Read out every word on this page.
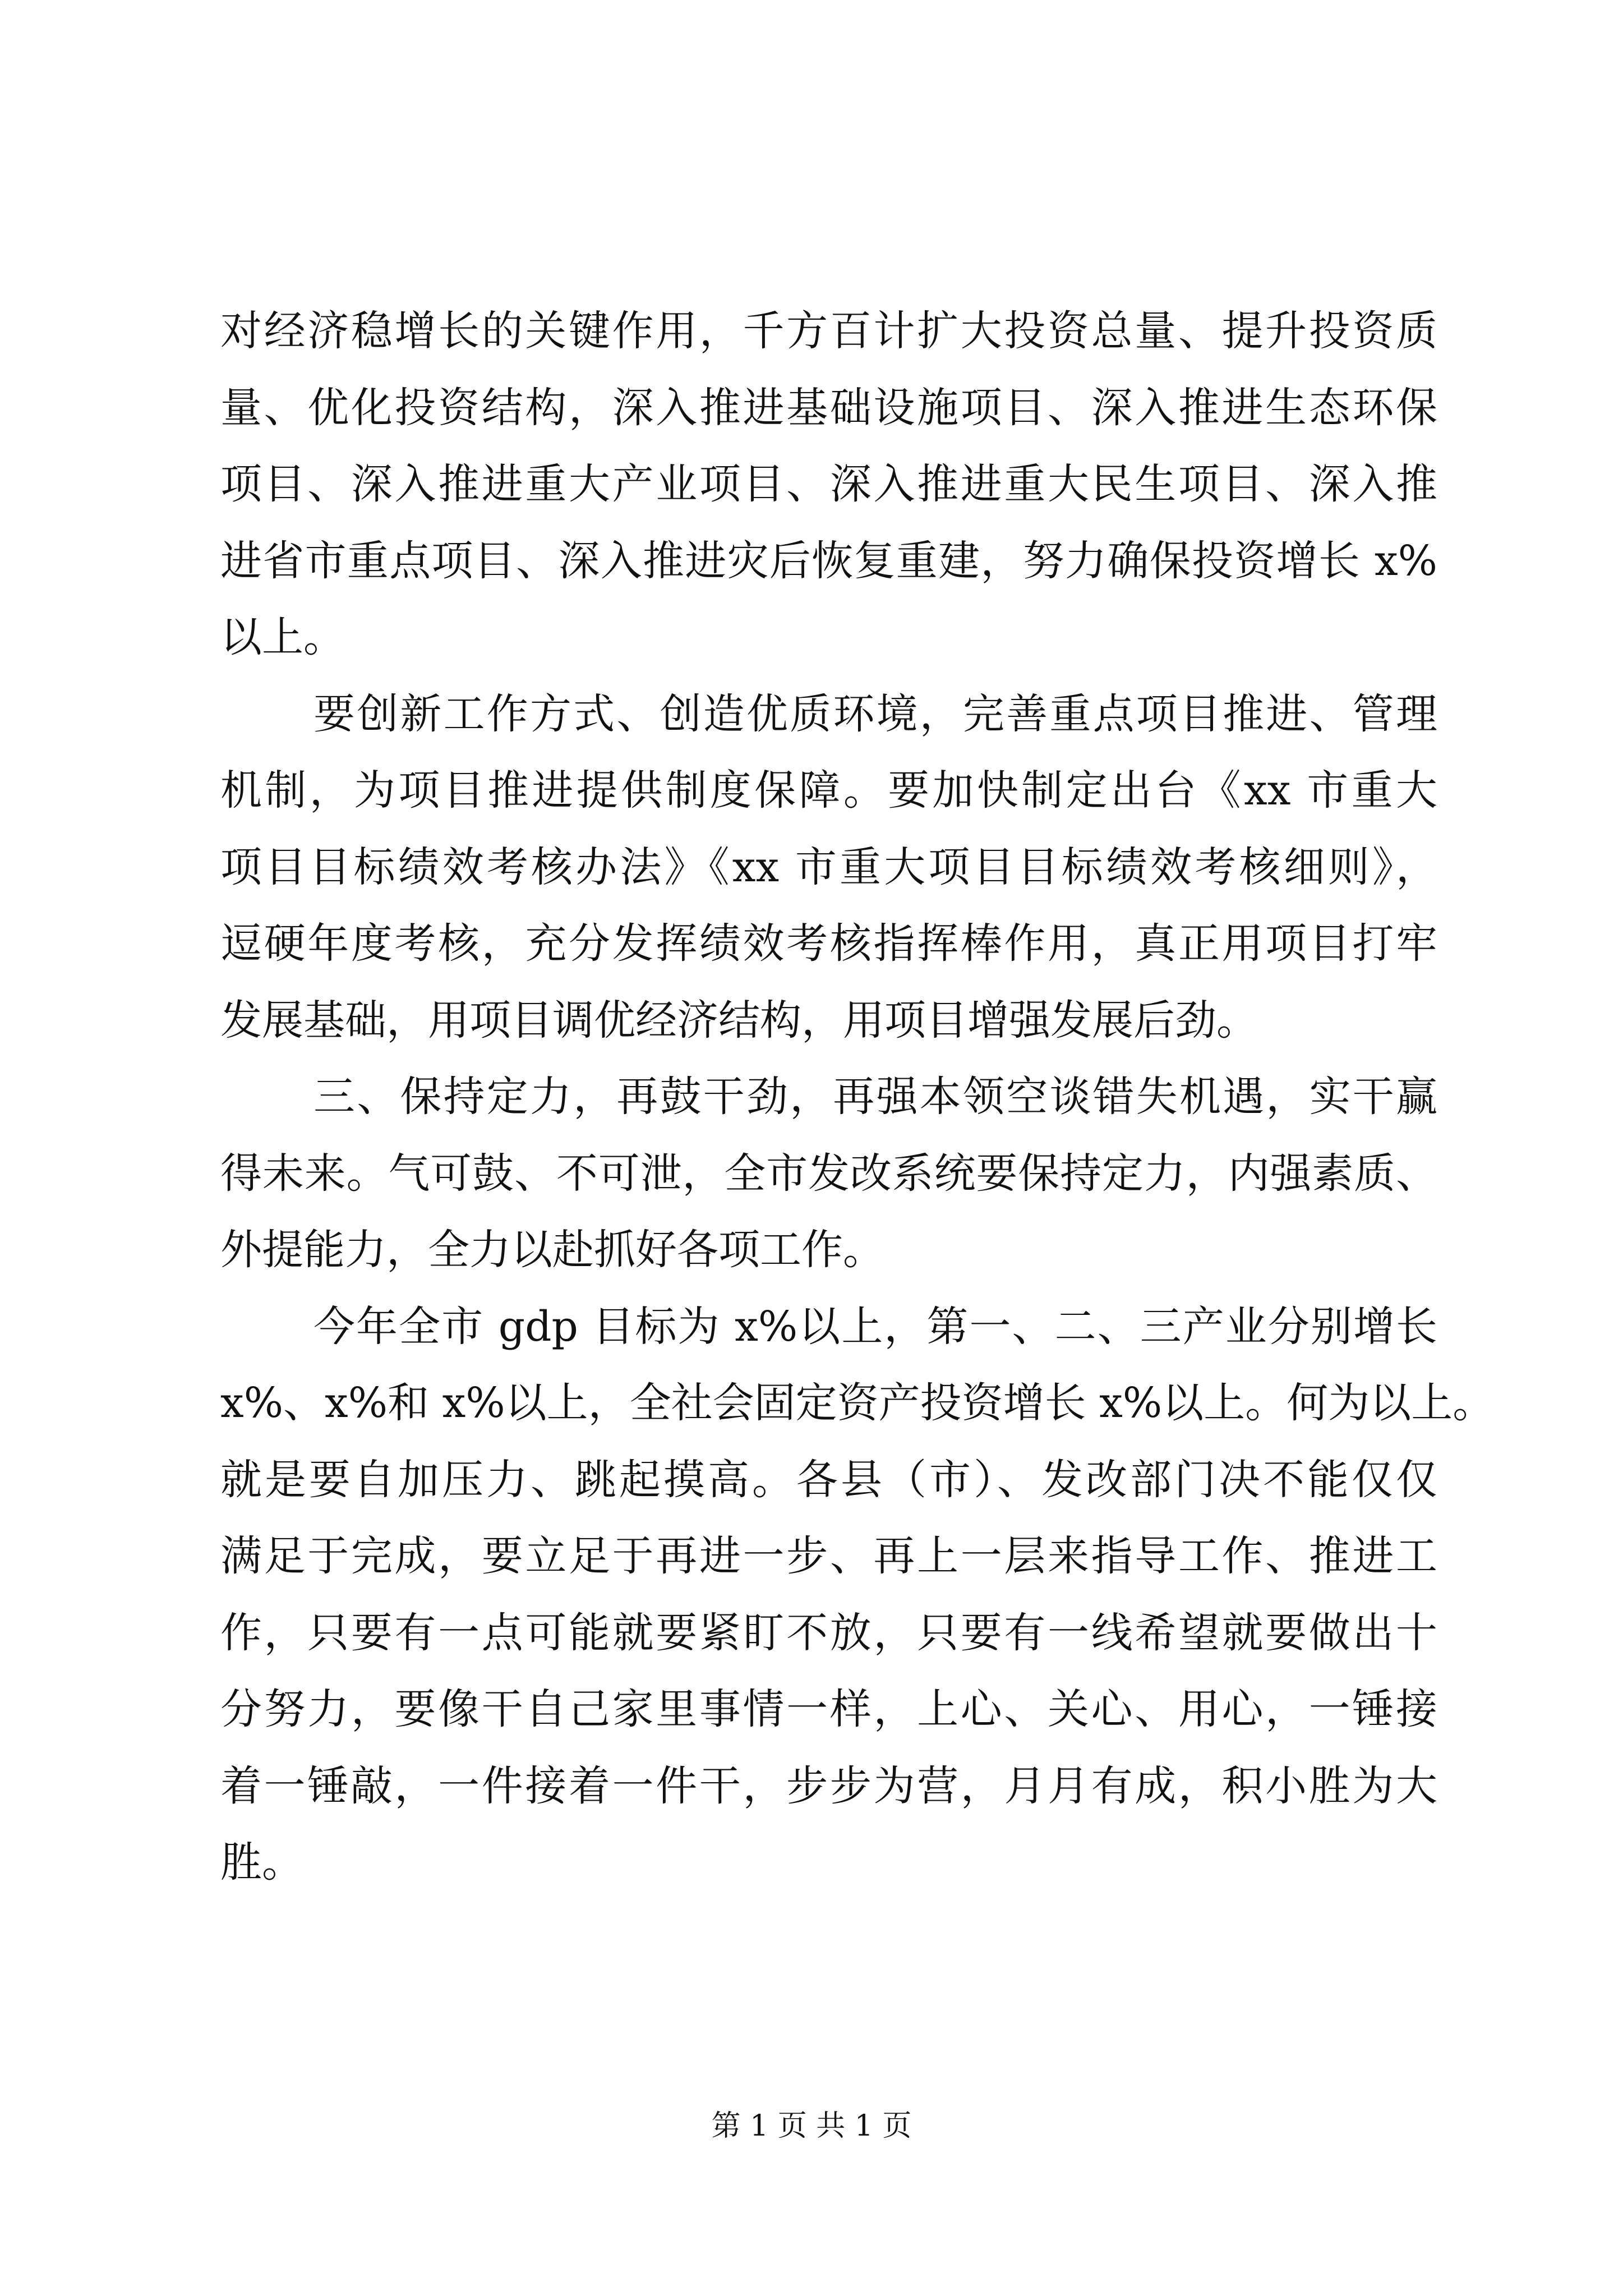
对经济稳增长的关键作用，千方百计扩大投资总量、提升投资质
量、优化投资结构，深入推进基础设施项目、深入推进生态环保
项目、深入推进重大产业项目、深入推进重大民生项目、深入推
进省市重点项目、深入推进灾后恢复重建，努力确保投资增长 x%
以上。
要创新工作方式、创造优质环境，完善重点项目推进、管理
机制，为项目推进提供制度保障。要加快制定出台《xx 市重大
项目目标绩效考核办法》《xx 市重大项目目标绩效考核细则》，
逗硬年度考核，充分发挥绩效考核指挥棒作用，真正用项目打牢
发展基础，用项目调优经济结构，用项目增强发展后劲。
三、保持定力，再鼓干劲，再强本领空谈错失机遇，实干赢
得未来。气可鼓、不可泄，全市发改系统要保持定力，内强素质、
外提能力，全力以赴抓好各项工作。
今年全市 gdp 目标为 x%以上，第一、二、三产业分别增长
x%、x%和 x%以上，全社会固定资产投资增长 x%以上。何为以上。
就是要自加压力、跳起摸高。各县（市）、发改部门决不能仅仅
满足于完成，要立足于再进一步、再上一层来指导工作、推进工
作，只要有一点可能就要紧盯不放，只要有一线希望就要做出十
分努力，要像干自己家里事情一样，上心、关心、用心，一锤接
着一锤敲，一件接着一件干，步步为营，月月有成，积小胜为大
胜。
第 1 页 共 1 页
